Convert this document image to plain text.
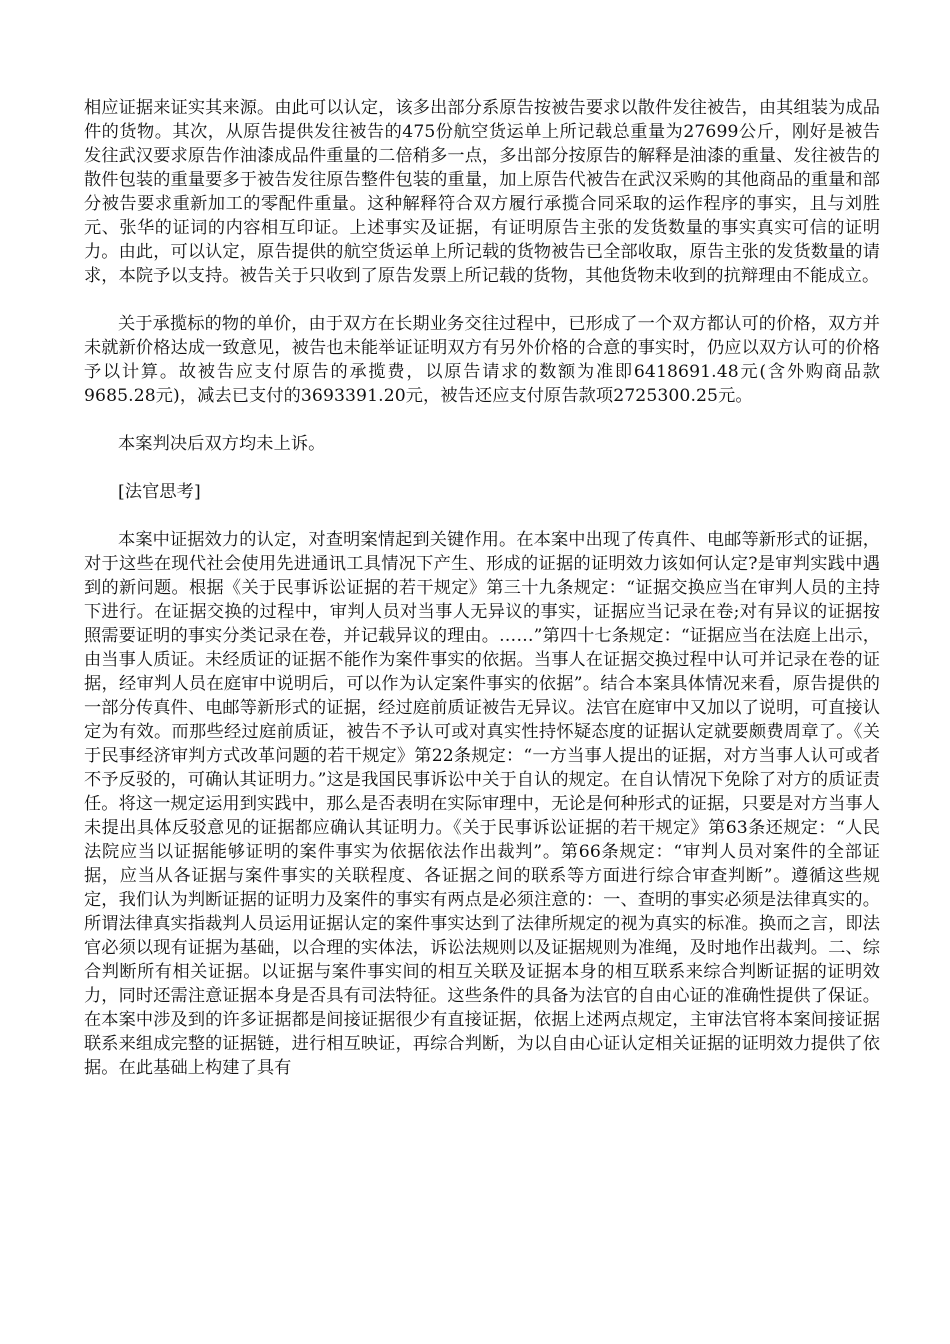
相应证据来证实其来源。由此可以认定，该多出部分系原告按被告要求以散件发往被告，由其组装为成品件的货物。其次，从原告提供发往被告的475份航空货运单上所记载总重量为27699公斤，刚好是被告发往武汉要求原告作油漆成品件重量的二倍稍多一点，多出部分按原告的解释是油漆的重量、发往被告的散件包装的重量要多于被告发往原告整件包装的重量，加上原告代被告在武汉采购的其他商品的重量和部分被告要求重新加工的零配件重量。这种解释符合双方履行承揽合同采取的运作程序的事实，且与刘胜元、张华的证词的内容相互印证。上述事实及证据，有证明原告主张的发货数量的事实真实可信的证明力。由此，可以认定，原告提供的航空货运单上所记载的货物被告已全部收取，原告主张的发货数量的请求，本院予以支持。被告关于只收到了原告发票上所记载的货物，其他货物未收到的抗辩理由不能成立。

关于承揽标的物的单价，由于双方在长期业务交往过程中，已形成了一个双方都认可的价格，双方并未就新价格达成一致意见，被告也未能举证证明双方有另外价格的合意的事实时，仍应以双方认可的价格予以计算。故被告应支付原告的承揽费，以原告请求的数额为准即6418691.48元(含外购商品款9685.28元)，减去已支付的3693391.20元，被告还应支付原告款项2725300.25元。

本案判决后双方均未上诉。

[法官思考]

本案中证据效力的认定，对查明案情起到关键作用。在本案中出现了传真件、电邮等新形式的证据，对于这些在现代社会使用先进通讯工具情况下产生、形成的证据的证明效力该如何认定?是审判实践中遇到的新问题。根据《关于民事诉讼证据的若干规定》第三十九条规定：“证据交换应当在审判人员的主持下进行。在证据交换的过程中，审判人员对当事人无异议的事实，证据应当记录在卷;对有异议的证据按照需要证明的事实分类记录在卷，并记载异议的理由。……”第四十七条规定：“证据应当在法庭上出示，由当事人质证。未经质证的证据不能作为案件事实的依据。当事人在证据交换过程中认可并记录在卷的证据，经审判人员在庭审中说明后，可以作为认定案件事实的依据”。结合本案具体情况来看，原告提供的一部分传真件、电邮等新形式的证据，经过庭前质证被告无异议。法官在庭审中又加以了说明，可直接认定为有效。而那些经过庭前质证，被告不予认可或对真实性持怀疑态度的证据认定就要颇费周章了。《关于民事经济审判方式改革问题的若干规定》第22条规定：“一方当事人提出的证据，对方当事人认可或者不予反驳的，可确认其证明力。”这是我国民事诉讼中关于自认的规定。在自认情况下免除了对方的质证责任。将这一规定运用到实践中，那么是否表明在实际审理中，无论是何种形式的证据，只要是对方当事人未提出具体反驳意见的证据都应确认其证明力。《关于民事诉讼证据的若干规定》第63条还规定：“人民法院应当以证据能够证明的案件事实为依据依法作出裁判”。第66条规定：“审判人员对案件的全部证据，应当从各证据与案件事实的关联程度、各证据之间的联系等方面进行综合审查判断”。遵循这些规定，我们认为判断证据的证明力及案件的事实有两点是必须注意的：一、查明的事实必须是法律真实的。所谓法律真实指裁判人员运用证据认定的案件事实达到了法律所规定的视为真实的标准。换而之言，即法官必须以现有证据为基础，以合理的实体法，诉讼法规则以及证据规则为准绳，及时地作出裁判。二、综合判断所有相关证据。以证据与案件事实间的相互关联及证据本身的相互联系来综合判断证据的证明效力，同时还需注意证据本身是否具有司法特征。这些条件的具备为法官的自由心证的准确性提供了保证。在本案中涉及到的许多证据都是间接证据很少有直接证据，依据上述两点规定，主审法官将本案间接证据联系来组成完整的证据链，进行相互映证，再综合判断，为以自由心证认定相关证据的证明效力提供了依据。在此基础上构建了具有
